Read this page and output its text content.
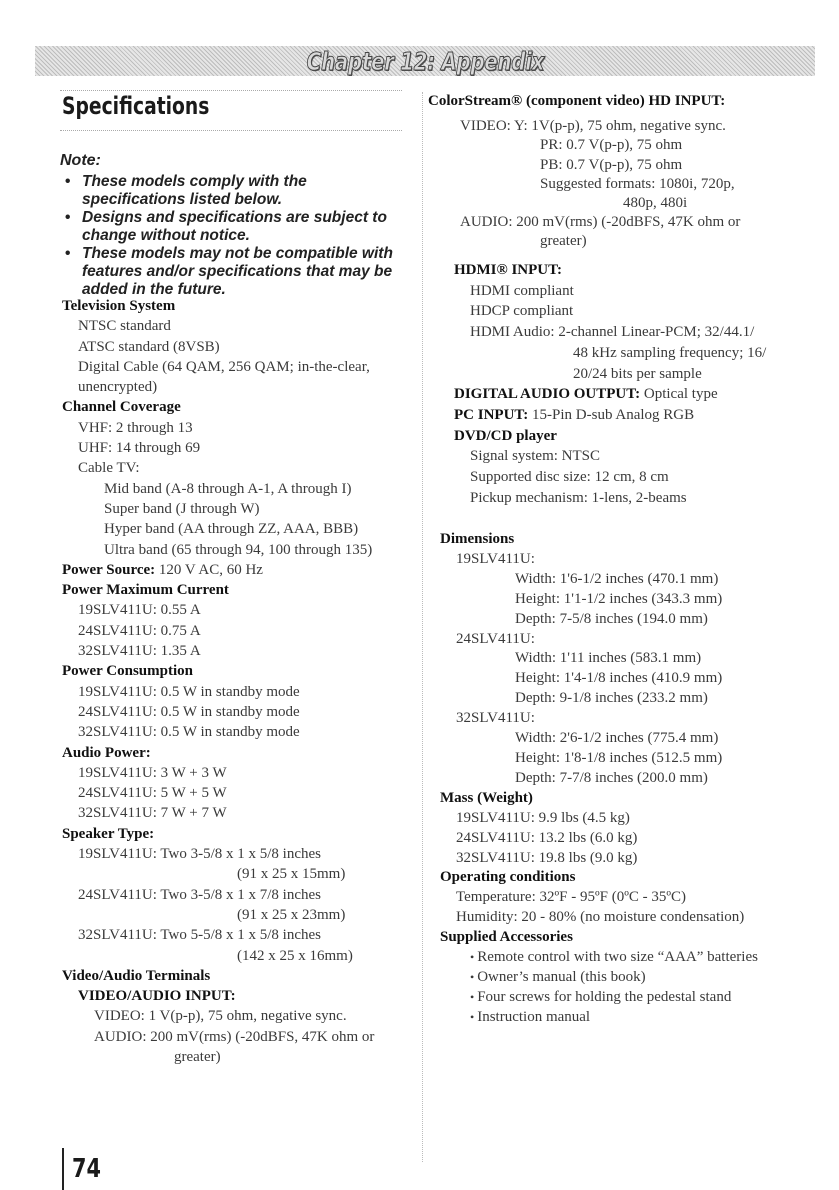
Chapter 12: Appendix
Specifications
Note:
• These models comply with the specifications listed below.
• Designs and specifications are subject to change without notice.
• These models may not be compatible with features and/or specifications that may be added in the future.
Television System
NTSC standard
ATSC standard (8VSB)
Digital Cable (64 QAM, 256 QAM; in-the-clear,
unencrypted)
Channel Coverage
VHF: 2 through 13
UHF: 14 through 69
Cable TV:
Mid band (A-8 through A-1, A through I)
Super band (J through W)
Hyper band (AA through ZZ, AAA, BBB)
Ultra band (65 through 94, 100 through 135)
Power Source: 120 V AC, 60 Hz
Power Maximum Current
19SLV411U: 0.55 A
24SLV411U: 0.75 A
32SLV411U: 1.35 A
Power Consumption
19SLV411U: 0.5 W in standby mode
24SLV411U: 0.5 W in standby mode
32SLV411U: 0.5 W in standby mode
Audio Power:
19SLV411U: 3 W + 3 W
24SLV411U: 5 W + 5 W
32SLV411U: 7 W + 7 W
Speaker Type:
19SLV411U: Two 3-5/8 x 1 x 5/8 inches
(91 x 25 x 15mm)
24SLV411U: Two 3-5/8 x 1 x 7/8 inches
(91 x 25 x 23mm)
32SLV411U: Two 5-5/8 x 1 x 5/8 inches
(142 x 25 x 16mm)
Video/Audio Terminals
VIDEO/AUDIO INPUT:
VIDEO: 1 V(p-p), 75 ohm, negative sync.
AUDIO: 200 mV(rms) (-20dBFS, 47K ohm or
greater)
ColorStream® (component video) HD INPUT:
VIDEO: Y: 1V(p-p), 75 ohm, negative sync.
PR: 0.7 V(p-p), 75 ohm
PB: 0.7 V(p-p), 75 ohm
Suggested formats: 1080i, 720p,
480p, 480i
AUDIO: 200 mV(rms) (-20dBFS, 47K ohm or
greater)
HDMI® INPUT:
HDMI compliant
HDCP compliant
HDMI Audio: 2-channel Linear-PCM; 32/44.1/
48 kHz sampling frequency; 16/
20/24 bits per sample
DIGITAL AUDIO OUTPUT: Optical type
PC INPUT: 15-Pin D-sub Analog RGB
DVD/CD player
Signal system: NTSC
Supported disc size: 12 cm, 8 cm
Pickup mechanism: 1-lens, 2-beams
Dimensions
19SLV411U:
Width: 1'6-1/2 inches (470.1 mm)
Height: 1'1-1/2 inches (343.3 mm)
Depth: 7-5/8 inches (194.0 mm)
24SLV411U:
Width: 1'11 inches (583.1 mm)
Height: 1'4-1/8 inches (410.9 mm)
Depth: 9-1/8 inches (233.2 mm)
32SLV411U:
Width: 2'6-1/2 inches (775.4 mm)
Height: 1'8-1/8 inches (512.5 mm)
Depth: 7-7/8 inches (200.0 mm)
Mass (Weight)
19SLV411U: 9.9 lbs (4.5 kg)
24SLV411U: 13.2 lbs (6.0 kg)
32SLV411U: 19.8 lbs (9.0 kg)
Operating conditions
Temperature: 32ºF - 95ºF (0ºC - 35ºC)
Humidity: 20 - 80% (no moisture condensation)
Supplied Accessories
• Remote control with two size “AAA” batteries
• Owner’s manual (this book)
• Four screws for holding the pedestal stand
• Instruction manual
74
